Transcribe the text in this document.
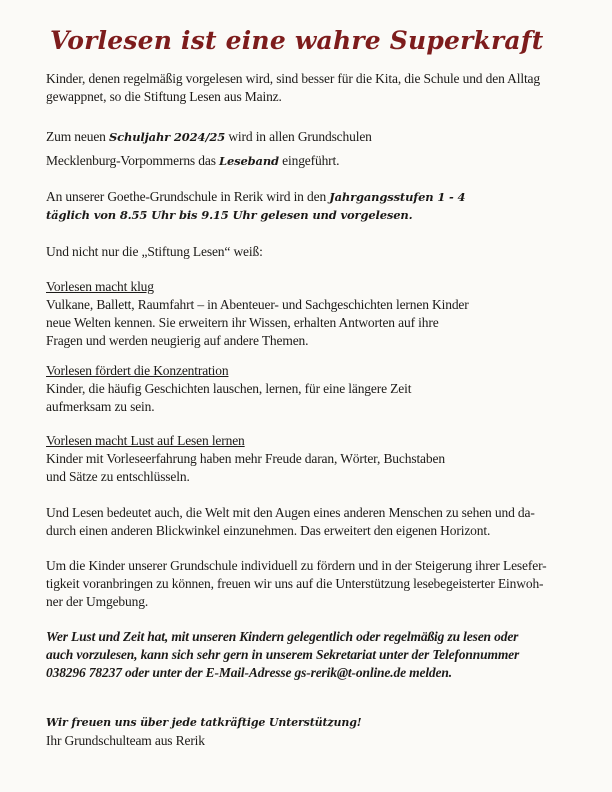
Vorlesen ist eine wahre Superkraft
Kinder, denen regelmäßig vorgelesen wird, sind besser für die Kita, die Schule und den Alltag
gewappnet, so die Stiftung Lesen aus Mainz.
Zum neuen Schuljahr 2024/25 wird in allen Grundschulen
Mecklenburg-Vorpommerns das Leseband eingeführt.
An unserer Goethe-Grundschule in Rerik wird in den Jahrgangsstufen 1 - 4
täglich von 8.55 Uhr bis 9.15 Uhr gelesen und vorgelesen.
Und nicht nur die „Stiftung Lesen“ weiß:
Vorlesen macht klug
Vulkane, Ballett, Raumfahrt – in Abenteuer- und Sachgeschichten lernen Kinder
neue Welten kennen. Sie erweitern ihr Wissen, erhalten Antworten auf ihre
Fragen und werden neugierig auf andere Themen.
Vorlesen fördert die Konzentration
Kinder, die häufig Geschichten lauschen, lernen, für eine längere Zeit
aufmerksam zu sein.
Vorlesen macht Lust auf Lesen lernen
Kinder mit Vorleseerfahrung haben mehr Freude daran, Wörter, Buchstaben
und Sätze zu entschlüsseln.
Und Lesen bedeutet auch, die Welt mit den Augen eines anderen Menschen zu sehen und da-
durch einen anderen Blickwinkel einzunehmen. Das erweitert den eigenen Horizont.
Um die Kinder unserer Grundschule individuell zu fördern und in der Steigerung ihrer Lesefer-
tigkeit voranbringen zu können, freuen wir uns auf die Unterstützung lesebegeisterter Einwoh-
ner der Umgebung.
Wer Lust und Zeit hat, mit unseren Kindern gelegentlich oder regelmäßig zu lesen oder
auch vorzulesen, kann sich sehr gern in unserem Sekretariat unter der Telefonnummer
038296 78237 oder unter der E-Mail-Adresse gs-rerik@t-online.de melden.
Wir freuen uns über jede tatkräftige Unterstützung!
Ihr Grundschulteam aus Rerik
